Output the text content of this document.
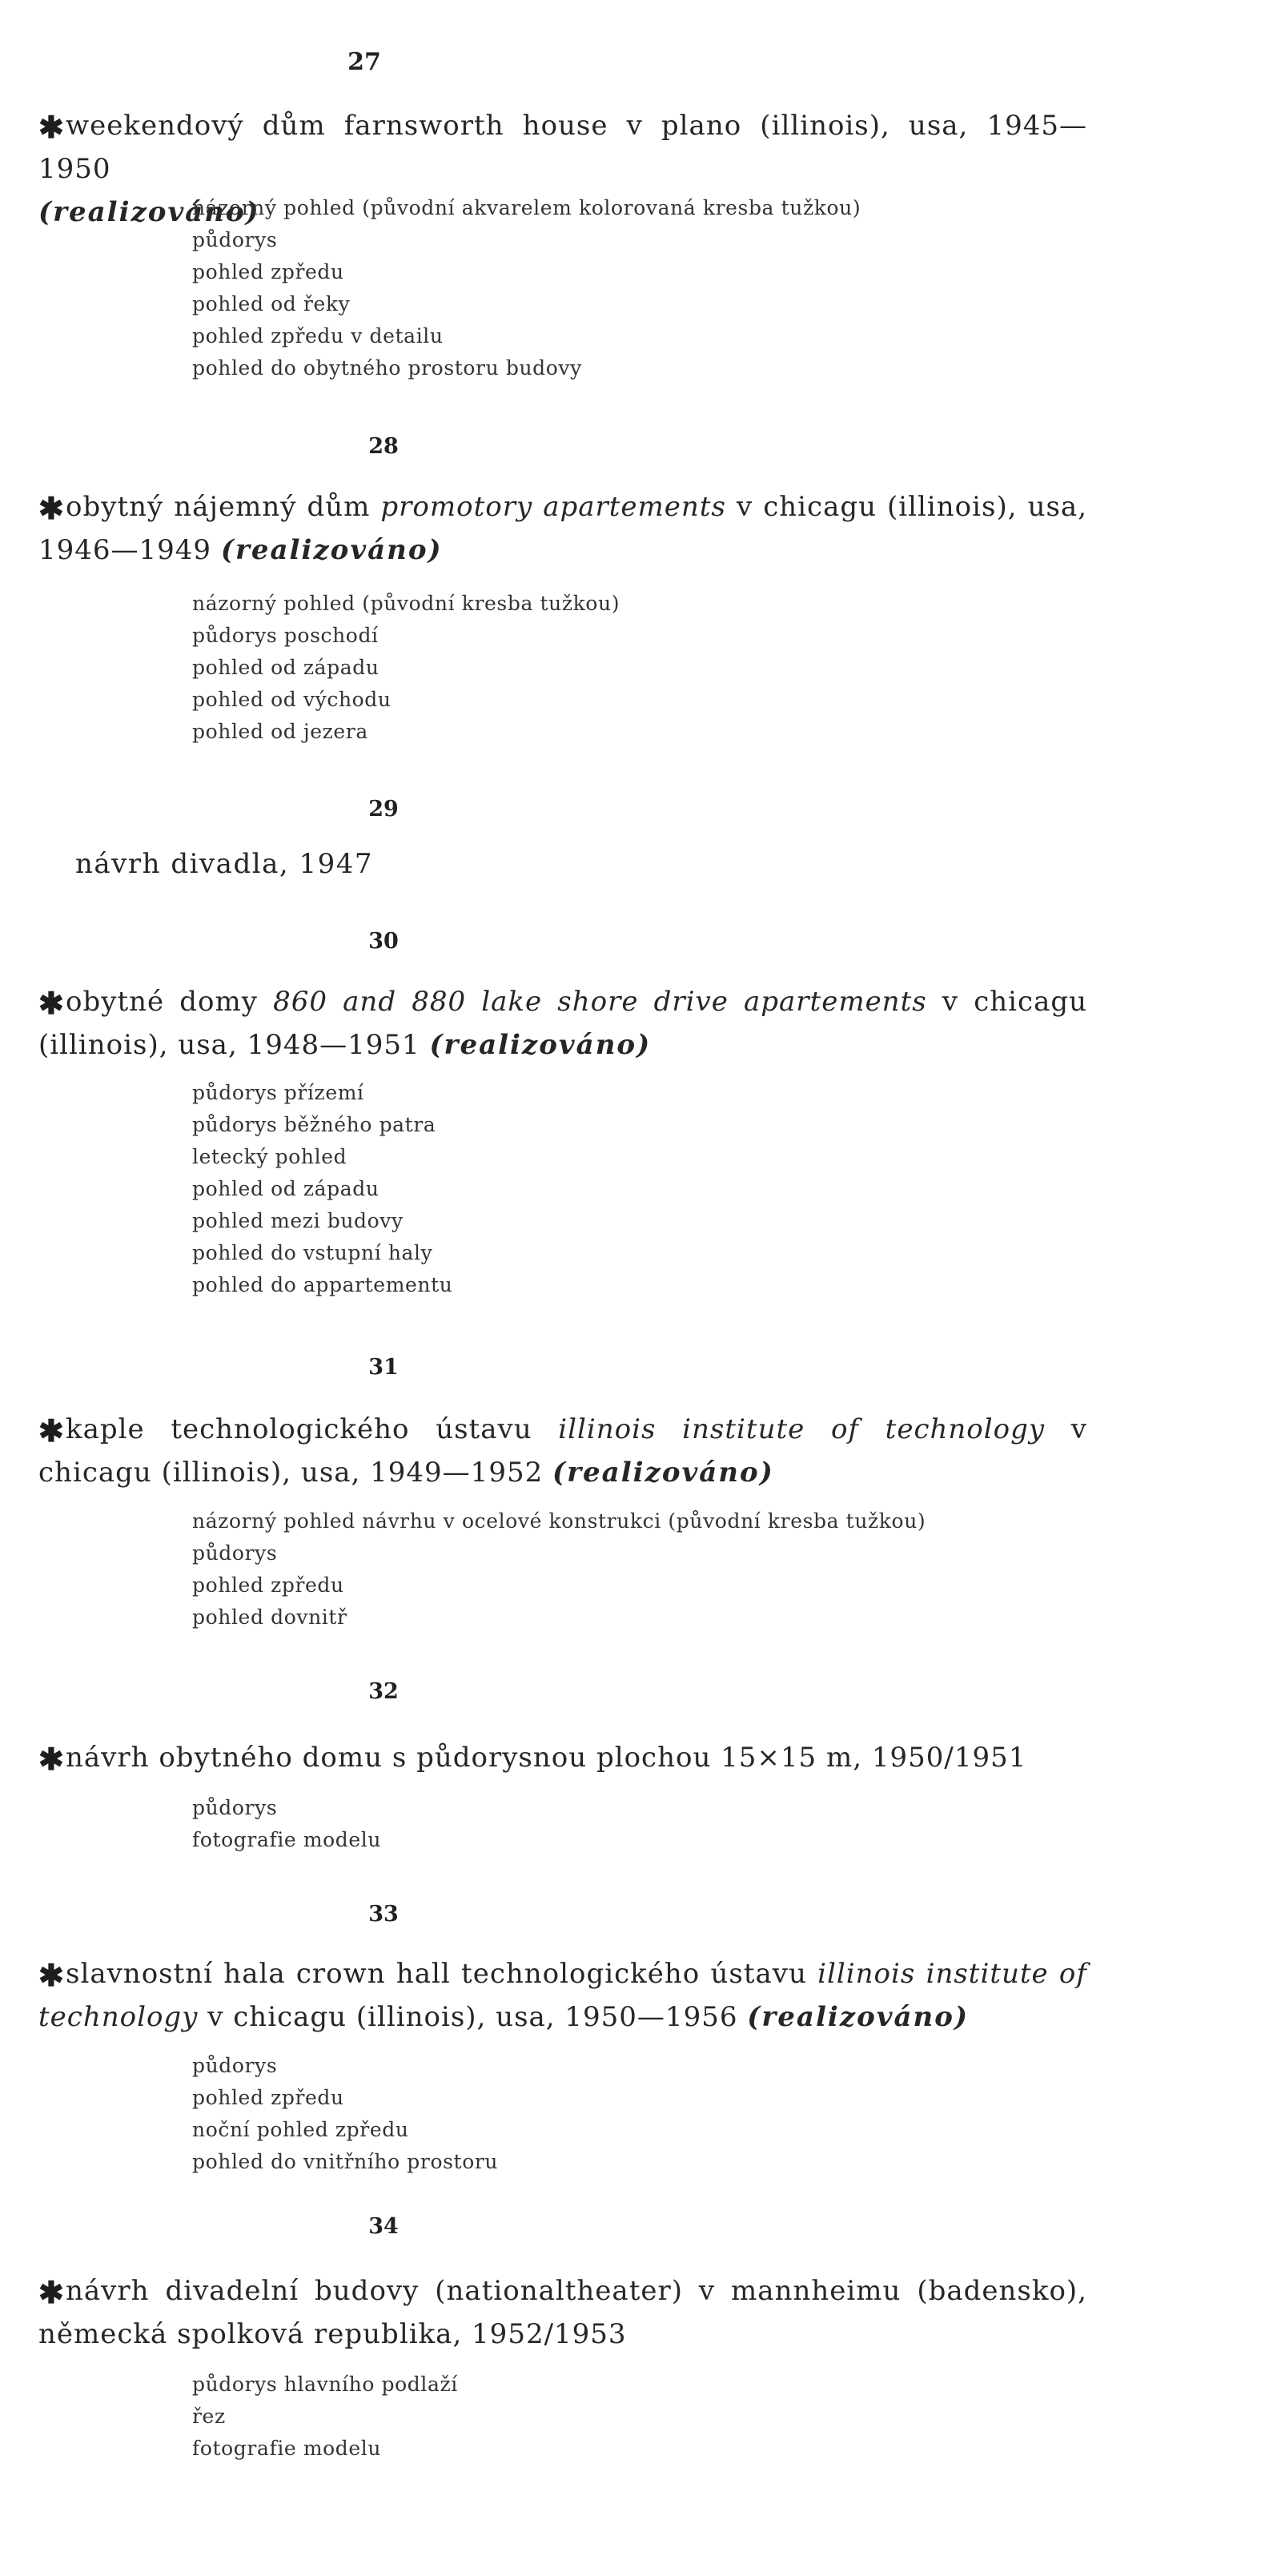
27
✱weekendový dům farnsworth house v plano (illinois), usa, 1945—1950
(realizováno)
názorný pohled (původní akvarelem kolorovaná kresba tužkou)
půdorys
pohled zpředu
pohled od řeky
pohled zpředu v detailu
pohled do obytného prostoru budovy
28
✱obytný nájemný dům promotory apartements v chicagu (illinois), usa, 1946—1949 (realizováno)
názorný pohled (původní kresba tužkou)
půdorys poschodí
pohled od západu
pohled od východu
pohled od jezera
29
návrh divadla, 1947
30
✱obytné domy 860 and 880 lake shore drive apartements v chicagu (illinois), usa, 1948—1951 (realizováno)
půdorys přízemí
půdorys běžného patra
letecký pohled
pohled od západu
pohled mezi budovy
pohled do vstupní haly
pohled do appartementu
31
✱kaple technologického ústavu illinois institute of technology v chicagu (illinois), usa, 1949—1952 (realizováno)
názorný pohled návrhu v ocelové konstrukci (původní kresba tužkou)
půdorys
pohled zpředu
pohled dovnitř
32
✱návrh obytného domu s půdorysnou plochou 15×15 m, 1950/1951
půdorys
fotografie modelu
33
✱slavnostní hala crown hall technologického ústavu illinois institute of technology v chicagu (illinois), usa, 1950—1956 (realizováno)
půdorys
pohled zpředu
noční pohled zpředu
pohled do vnitřního prostoru
34
✱návrh divadelní budovy (nationaltheater) v mannheimu (badensko), německá spolková republika, 1952/1953
půdorys hlavního podlaží
řez
fotografie modelu
